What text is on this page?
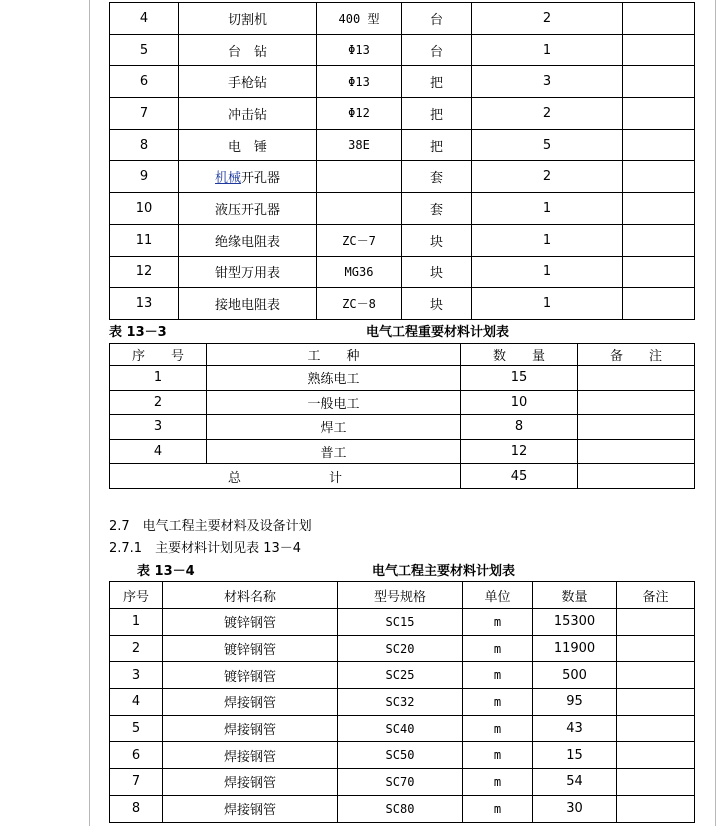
4	切割机	400 型	台	2	
5	台　钻	Φ13	台	1	
6	手枪钻	Φ13	把	3	
7	冲击钻	Φ12	把	2	
8	电　锤	38E	把	5	
9	机械开孔器		套	2	
10	液压开孔器		套	1	
11	绝缘电阻表	ZC－7	块	1	
12	钳型万用表	MG36	块	1	
13	接地电阻表	ZC－8	块	1	
表 13－3	电气工程重要材料计划表
序　　号	工　　种	数　　量	备　　注
1	熟练电工	15	
2	一般电工	10	
3	焊工	8	
4	普工	12	
总 计		45	
2.7　电气工程主要材料及设备计划
2.7.1　主要材料计划见表 13－4
表 13－4	电气工程主要材料计划表
序号	材料名称	型号规格	单位	数量	备注
1	镀锌钢管	SC15	m	15300	
2	镀锌钢管	SC20	m	11900	
3	镀锌钢管	SC25	m	500	
4	焊接钢管	SC32	m	95	
5	焊接钢管	SC40	m	43	
6	焊接钢管	SC50	m	15	
7	焊接钢管	SC70	m	54	
8	焊接钢管	SC80	m	30	
